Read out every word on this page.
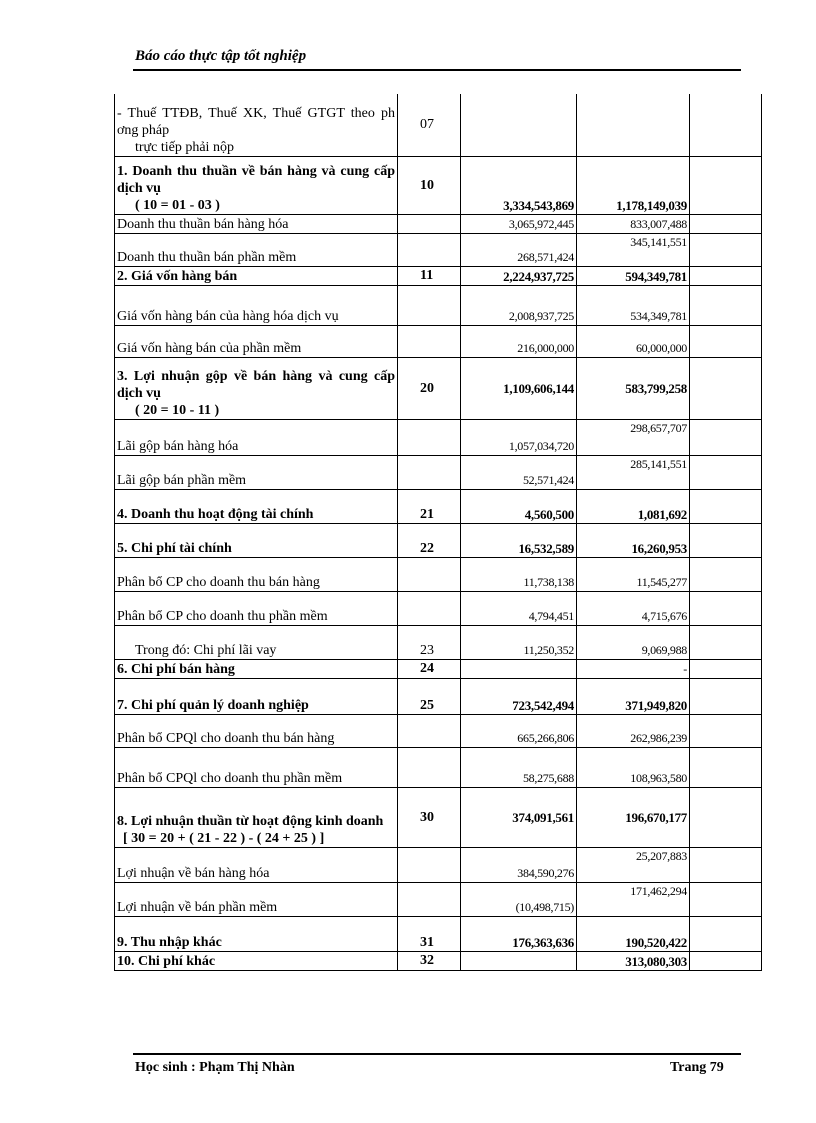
Báo cáo thực tập tốt nghiệp
- Thuế TTĐB, Thuế XK, Thuế GTGT theo ph ơng pháp
trực tiếp phải nộp	07			
1. Doanh thu thuần về bán hàng và cung cấp dịch vụ
( 10 = 01 - 03 )	10	3,334,543,869	1,178,149,039	
Doanh thu thuần bán hàng hóa		3,065,972,445	833,007,488	
Doanh thu thuần bán phần mềm		268,571,424	345,141,551	
2. Giá vốn hàng bán	11	2,224,937,725	594,349,781	
Giá vốn hàng bán của hàng hóa dịch vụ		2,008,937,725	534,349,781	
Giá vốn hàng bán của phần mềm		216,000,000	60,000,000	
3. Lợi nhuận gộp về bán hàng và cung cấp dịch vụ
( 20 = 10 - 11 )	20	1,109,606,144	583,799,258	
Lãi gộp bán hàng hóa		1,057,034,720	298,657,707	
Lãi gộp bán phần mềm		52,571,424	285,141,551	
4. Doanh thu hoạt động tài chính	21	4,560,500	1,081,692	
5. Chi phí tài chính	22	16,532,589	16,260,953	
Phân bổ CP cho doanh thu bán hàng		11,738,138	11,545,277	
Phân bổ CP cho doanh thu phần mềm		4,794,451	4,715,676	
Trong đó: Chi phí lãi vay	23	11,250,352	9,069,988	
6. Chi phí bán hàng	24		-	
7. Chi phí quản lý doanh nghiệp	25	723,542,494	371,949,820	
Phân bổ CPQl cho doanh thu bán hàng		665,266,806	262,986,239	
Phân bổ CPQl cho doanh thu phần mềm		58,275,688	108,963,580	
8. Lợi nhuận thuần từ hoạt động kinh doanh
[ 30 = 20 + ( 21 - 22 ) - ( 24 + 25 ) ]	30	374,091,561	196,670,177	
Lợi nhuận về bán hàng hóa		384,590,276	25,207,883	
Lợi nhuận về bán phần mềm		(10,498,715)	171,462,294	
9. Thu nhập khác	31	176,363,636	190,520,422	
10. Chi phí khác	32		313,080,303	
Học sinh : Phạm Thị Nhàn	Trang 79
